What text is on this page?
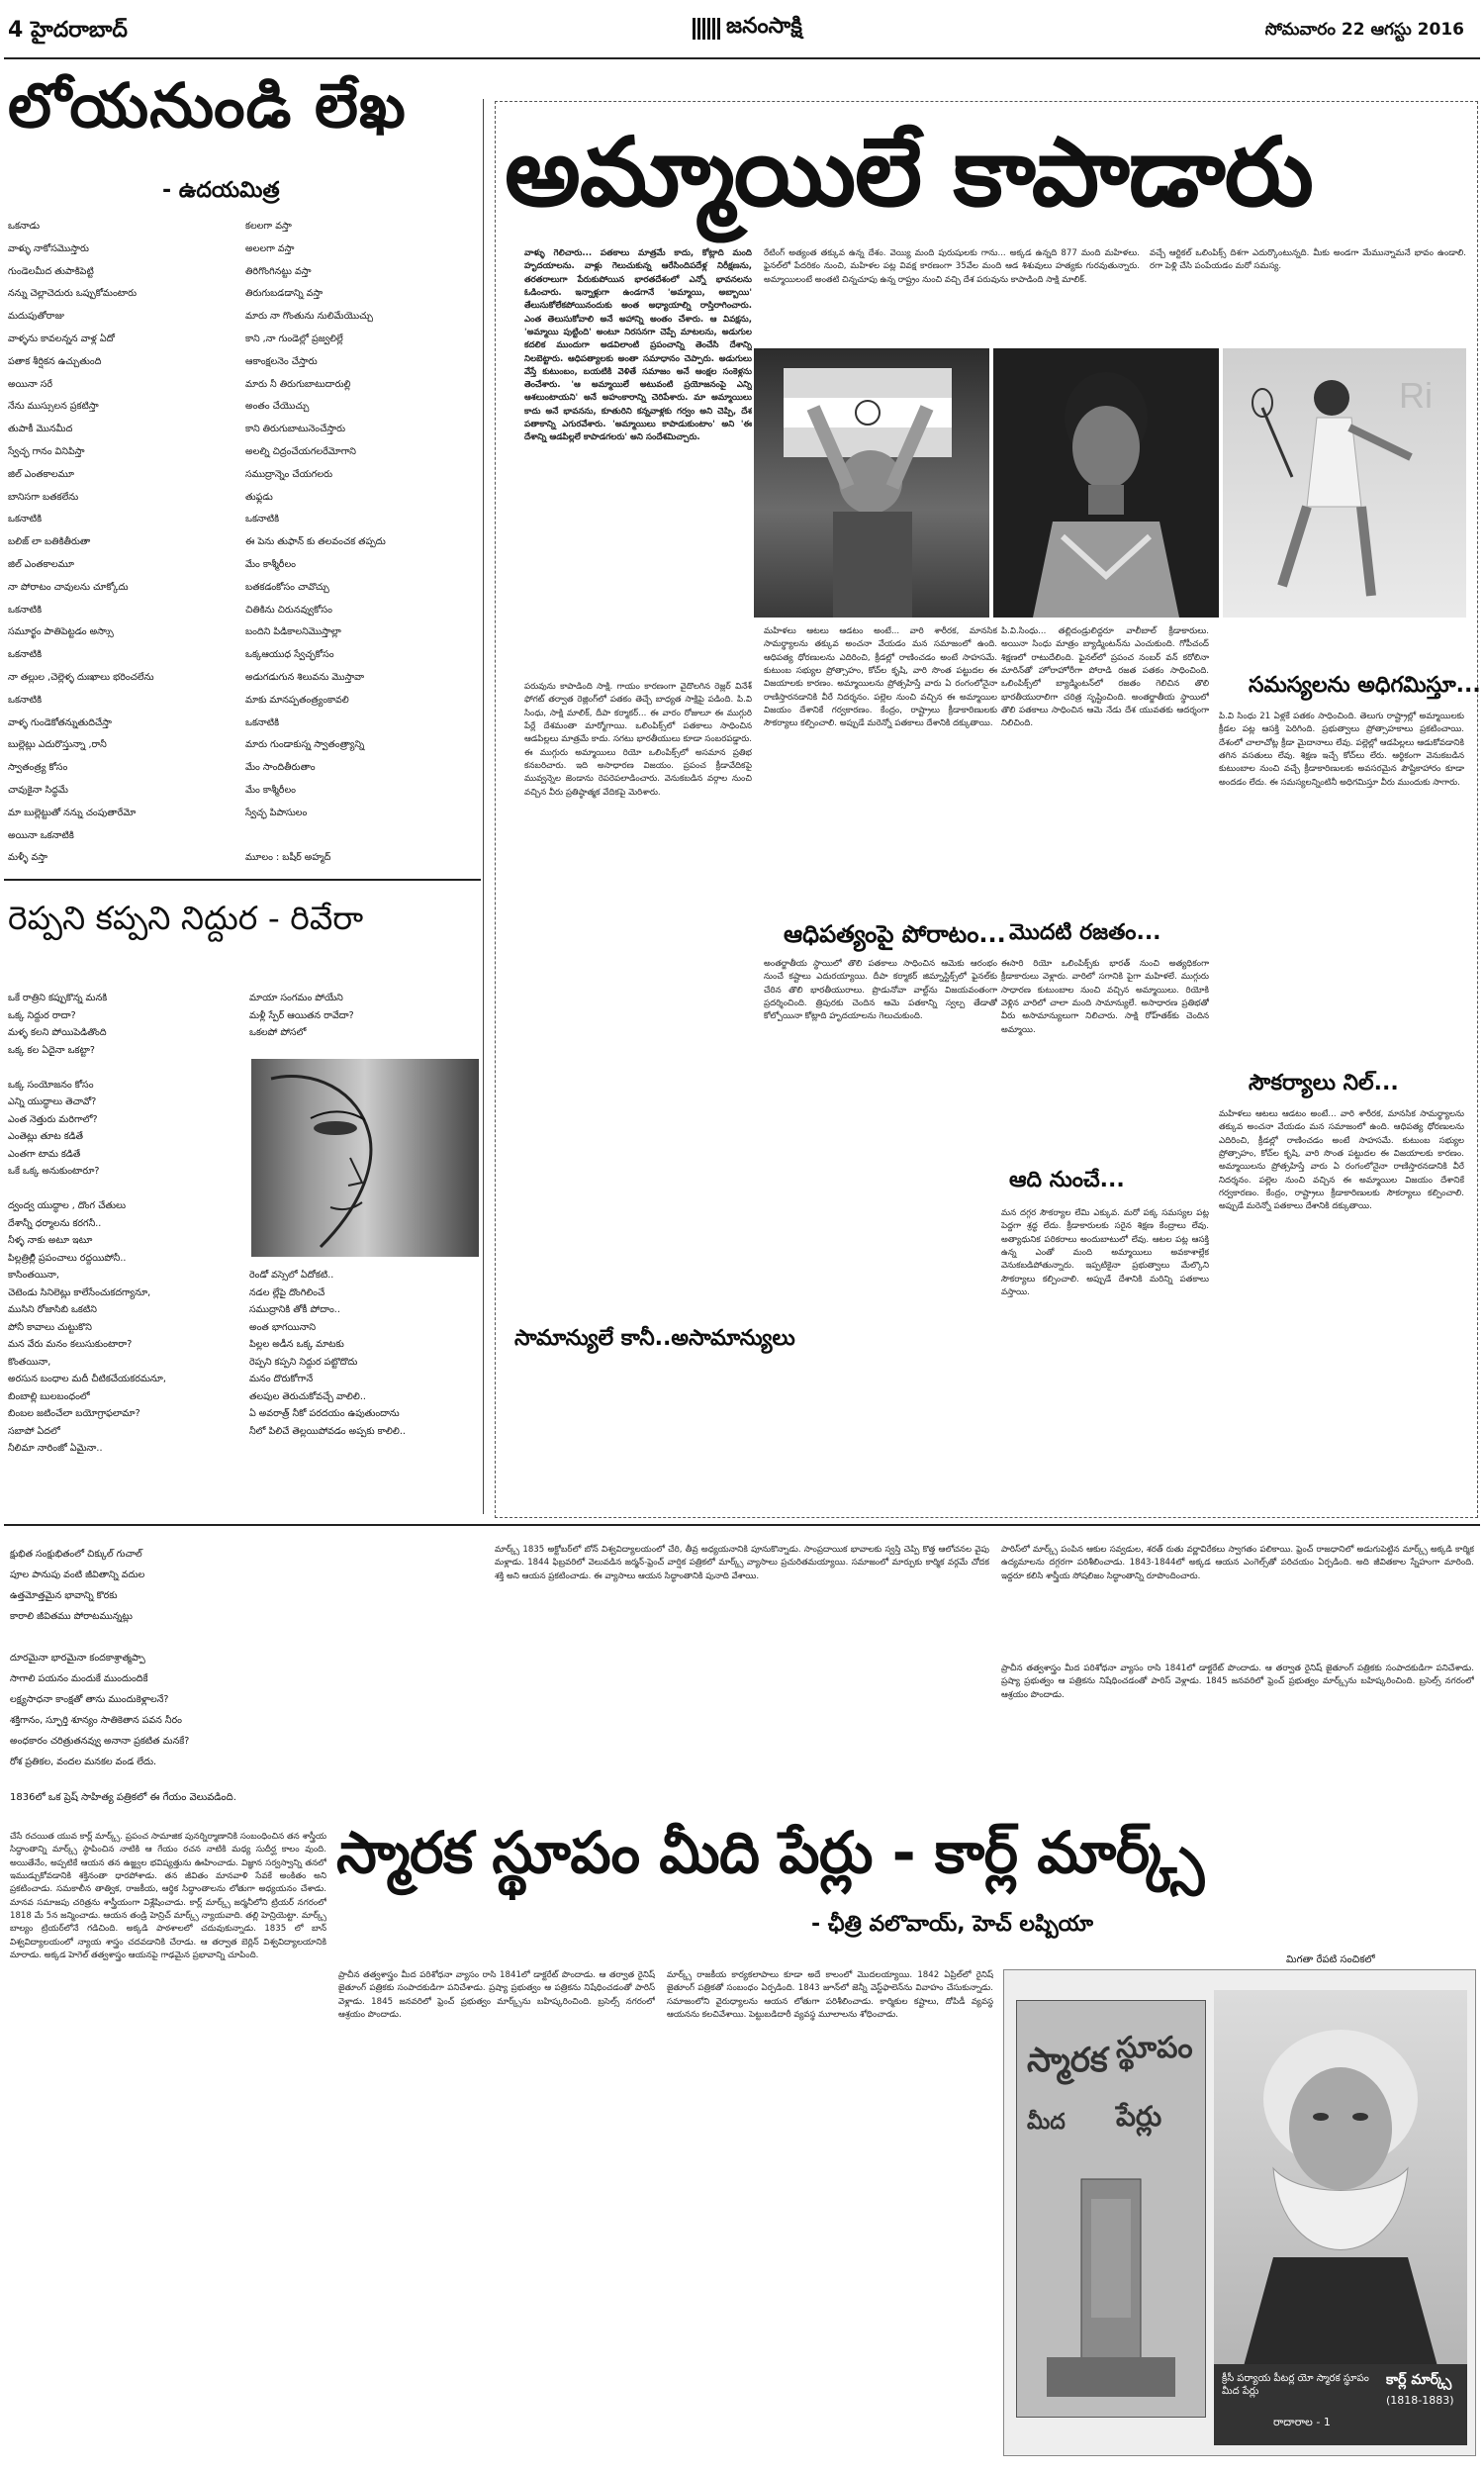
4 హైదరాబాద్	జనంసాక్షి	సోమవారం 22 ఆగస్టు 2016
లోయనుండి లేఖ
- ఉదయమిత్ర
ఒకనాడు
వాళ్ళు నాకోసమొస్తారు
గుండెలమీద తుపాకిపెట్టి
నన్ను చెల్లాచెదురు ఒప్పుకోమంటారు
మదుపుతోరాజు
వాళ్ళను కావలన్నన వాళ్ల ఏదో
పతాక శీర్షికన ఉచ్చుతుంది
అయినా సరే
నేను ముస్సులన ప్రకటిస్తా
తుపాకీ మొనమీద
స్వేచ్ఛ గానం వినిపిస్తా
జిల్ ఎంతకాలమూ
బానిసగా బతకలేను
ఒకనాటికి
బలిజ్ లా బతికితీరుతా
జిల్ ఎంతకాలమూ
నా పోరాటం చావులను చూక్కోదు
ఒకనాటికి
సమూర్ఖం పాతిపెట్టడం అస్సాు
ఒకనాటికి
నా తల్లుల ,చెల్లెళ్ళ దుఃఖాలు భరించలేను
ఒకనాటికి
వాళ్ళ గుండెకోతన్నుతుదిచేస్తా
బుల్లెట్లు ఎదురొస్తున్నా ,రానీ
స్వాతంత్ర్య కోసం
చావుకైనా సిద్ధమే
మా బుల్లెట్టుతో నన్ను చంపుతారేమో
అయినా ఒకనాటికి
మళ్ళీ వస్తా
కలలగా వస్తా
అలలగా వస్తా
తిరిగొంగినట్టు వస్తా
తిరుగుబడడాన్ని వస్తా
మారు నా గొంతును నులిమేయొచ్చు
కాని ,నా గుండెల్లో ప్రజ్వలిల్లే
ఆకాంక్షలనెం చేస్తారు
మారు నీ తిరుగుబాటుదారుల్లి
అంతం చేయొచ్చు
కాని తిరుగుబాటునెంచేస్తారు
అలల్ని చిద్రంచేయగలరేమోగాని
సముద్రాన్నెం చేయగలరు
తుఫ్లడు
ఒకనాటికి
ఈ పెను తుఫాన్ కు తలవంచక తప్పదు
మేం కాశ్మీరీలం
బతకడంకోసం చావొచ్చు
చితికిను చిరునవ్వుకోసం
బందిని పిడికాలనిమొస్తాల్లా
ఒక్కఆయుధ స్వేచ్ఛకోసం
అడుగడుగున శిలువను మొస్తావా
మాకు మానప్పతంత్ర్యంకావలి
ఒకనాటికి
మారు గుండాకుస్న స్వాతంత్ర్యాన్ని
మేం సాందితీరుతాం
మేం కాశ్మీరీలం
స్వేచ్ఛ పిపాసులం
మూలం : బషీర్ అహ్మద్
రెప్పని కప్పని నిద్దుర - రివేరా
ఒకే రాత్రిని కప్పుకొన్న మనకి
ఒక్క నిద్దుర రాదా?
మళ్ళ కలని పోయిపెడితొంది
ఒక్క కల ఏదైనా ఒకట్టా?
ఒక్క సంయోజనం కోసం
ఎన్ని యుద్ధాలు తెచావో?
ఎంత నెత్తురు మరిగాలో?
ఎంతెట్లు తూట కడితే
ఎంతగా టామ కడితే
ఒకే ఒక్క అనుకుంటారూ?
ద్వంద్వ యుద్ధాల , దొంగ చేతులు
దేశాన్నీ ధర్మాలను కరగనీ..
నీళ్ళ నాకు అటూ ఇటూ
పిల్లత్రిల్లిి ప్రపంచాలు రద్దయిపోనీ..
కాసింతయినా,
చెటెండు సినిలెట్లు కాలేసేంచుకదగ్యానూ,
ముసిని రోజాసిబి ఒకటిని
పోనీ కావాలు చుట్టుకొని
మన వేరు మనం కలుసుకుంటారా?
కొంతయినా,
అరసున బంధాల మదీ చీటికచేయకరమనూ,
బింబాల్లి బులబంధంలో
బింబల జటించేలా బయోగ్రాఫలామా?
సబాపో ఏదలో
నీలిమా నారింజో ఏమైనా..
మాయా సంగమం పోయేని
మళ్లీ స్పేర్ ఆయితన రావేదా?
ఒకలపో పోసలో
రెండో వస్సెలో ఏదోకటి..
నడల ల్లేపై దొంగిలించే
సముద్రానికి తోకీ పోదాం..
అంత భాగయినాని
పిల్లల అడీన ఒక్క మాటకు
రెప్పని కప్పని నిద్దుర పట్టొదొదు
మనం దొరుకోగానే
తలపుల తెరుచుకోవచ్చే వాలిలి..
ఏ అవరాత్ర్ నీకో పరదయం ఉపుతుందాను
నీలో పిలిచే తెల్లయిపోవడం అప్పకు కాలిలి..
అమ్మాయిలే కాపాడారు
వాళ్ళు గెలిచారు... పతకాలు మాత్రమే కాదు, కోట్లాది మంది హృదయాలను. వాళ్లు గెలుచుకున్న ఆరేసిందిపదేళ్ల నిరీక్షణను, తరతరాలుగా పేరుకుపోయిన భారతదేశంలో ఎన్నో భావనలను ఓడించారు. ఇన్నాళ్లుగా ఉండగానే 'అమ్మాయి, అబ్బాయి' తేలుసుకోలేకపోయినందుకు అంత అధ్యాయాల్ని రాస్తిరాగించారు. ఎంత తెలుసుకోవాలి అనే అహాన్ని అంతం చేశారు. ఆ వివక్షను, 'అమ్మాయి పుట్టింది' అంటూ నిరసనగా చెప్పే మాటలను, అడుగుల కదలిక ముందుగా అడవిలాంటి ప్రపంచాన్ని తెంచేసి దేశాన్ని నిలబెట్టారు. ఆధిపత్యాలకు అంతా సమాధానం చెప్పారు. అడుగులు వేస్తే కుటుంబం, బయటికి వెళితే సమాజం అనే ఆంక్షల సంకెళ్లను తెంచేశారు. 'ఆ అమ్మాయిలే అటువంటి ప్రయోజనంపై ఎన్ని ఆశలుంటాయని' అనే అహంకారాన్ని చెరిపేశారు. మా అమ్మాయిలు కాదు అనే భావనను, కూతురిని కన్నవాళ్లకు గర్వం అని చెప్పి, దేశ పతాకాన్ని ఎగురవేశారు. 'అమ్మాయిలు కాపాడుకుంటాం' అని 'ఈ దేశాన్ని ఆడపిల్లలే కాపాడగలరు' అని సందేశమిచ్చారు.
రేటింగ్ అత్యంత తక్కువ ఉన్న దేశం. వెయ్యి మంది పురుషులకు గాను... అక్కడ ఉన్నది 877 మంది మహిళలు. ఫైనల్‌లో పేదరికం నుంచి, మహిళల పట్ల వివక్ష కారణంగా 35వేల మంది ఆడ శిశువులు హత్యకు గురవుతున్నారు. అమ్మాయిలంటే అంతటి చిన్నచూపు ఉన్న రాష్ట్రం నుంచి వచ్చి దేశ పరువును కాపాడింది సాక్షి మాలిక్.
వచ్చే ఆర్టికల్ ఒలింపిక్స్ దిశగా ఎదుర్కొంటున్నది. మీకు అండగా మేమున్నామనే భావం ఉండాలి. రగా పెళ్లి చేసి పంపేయడం మరో సమస్య.
Ri
పరువును కాపాడింది సాక్షి. గాయం కారణంగా వైదొలగిన రెజ్లర్ వినేశ్ ఫోగట్ తర్వాత రెజ్లింగ్‌లో పతకం తెచ్చే బాధ్యత సాక్షిపై పడింది. పి.వి సింధు, సాక్షి మాలిక్, దీపా కర్మాకర్... ఈ వారం రోజులూ ఈ ముగ్గురి పేర్లే దేశమంతా మార్మోగాయి. ఒలింపిక్స్‌లో పతకాలు సాధించిన ఆడపిల్లలు మాత్రమే కాదు. సగటు భారతీయులు కూడా సంబరపడ్డారు. ఈ ముగ్గురు అమ్మాయిలు రియో ఒలింపిక్స్‌లో అసమాన ప్రతిభ కనబరిచారు. ఇది అసాధారణ విజయం. ప్రపంచ క్రీడావేదికపై మువ్వన్నెల జెండాను రెపరెపలాడించారు. వెనుకబడిన వర్గాల నుంచి వచ్చిన వీరు ప్రతిష్ఠాత్మక వేదికపై మెరిశారు.
మహిళలు ఆటలు ఆడటం అంటే... వారి శారీరక, మానసిక సామర్థ్యాలను తక్కువ అంచనా వేయడం మన సమాజంలో ఉంది. ఆధిపత్య ధోరణులను ఎదిరించి, క్రీడల్లో రాణించడం అంటే సాహసమే. కుటుంబ సభ్యుల ప్రోత్సాహం, కోచ్‌ల కృషి, వారి సొంత పట్టుదల ఈ విజయాలకు కారణం. అమ్మాయిలను ప్రోత్సహిస్తే వారు ఏ రంగంలోనైనా రాణిస్తారనడానికి వీరే నిదర్శనం. పల్లెల నుంచి వచ్చిన ఈ అమ్మాయిల విజయం దేశానికే గర్వకారణం. కేంద్రం, రాష్ట్రాలు క్రీడాకారిణులకు సౌకర్యాలు కల్పించాలి. అప్పుడే మరెన్నో పతకాలు దేశానికి దక్కుతాయి.
ఆధిపత్యంపై పోరాటం...
అంతర్జాతీయ స్థాయిలో తొలి పతకాలు సాధించిన ఆమెకు ఆరంభం నుంచే కష్టాలు ఎదురయ్యాయి. దీపా కర్మాకర్ జిమ్నాస్టిక్స్‌లో ఫైనల్‌కు చేరిన తొలి భారతీయురాలు. ప్రొడునోవా వాల్ట్‌ను విజయవంతంగా ప్రదర్శించింది. త్రిపురకు చెందిన ఆమె పతకాన్ని స్వల్ప తేడాతో కోల్పోయినా కోట్లాది హృదయాలను గెలుచుకుంది.
సామాన్యులే కానీ..అసామాన్యులు
పి.వి.సింధు... తల్లిదండ్రులిద్దరూ వాలీబాల్ క్రీడాకారులు. అయినా సింధు మాత్రం బ్యాడ్మింటన్‌ను ఎంచుకుంది. గోపీచంద్ శిక్షణలో రాటుదేలింది. ఫైనల్‌లో ప్రపంచ నంబర్ వన్ కరోలినా మారిన్‌తో హోరాహోరీగా పోరాడి రజత పతకం సాధించింది. ఒలింపిక్స్‌లో బ్యాడ్మింటన్‌లో రజతం గెలిచిన తొలి భారతీయురాలిగా చరిత్ర సృష్టించింది. అంతర్జాతీయ స్థాయిలో తొలి పతకాలు సాధించిన ఆమె నేడు దేశ యువతకు ఆదర్శంగా నిలిచింది.
మొదటి రజతం...
ఈసారి రియో ఒలింపిక్స్‌కు భారత్ నుంచి అత్యధికంగా క్రీడాకారులు వెళ్లారు. వారిలో సగానికి పైగా మహిళలే. ముగ్గురు సాధారణ కుటుంబాల నుంచి వచ్చిన అమ్మాయిలు. రియోకి వెళ్లిన వారిలో చాలా మంది సామాన్యులే. అసాధారణ ప్రతిభతో వీరు అసామాన్యులుగా నిలిచారు. సాక్షి రోహ్‌తక్‌కు చెందిన అమ్మాయి.
ఆది నుంచే...
మన దగ్గర సౌకర్యాల లేమి ఎక్కువ. మరో పక్క సమస్యల పట్ల పెద్దగా శ్రద్ధ లేదు. క్రీడాకారులకు సరైన శిక్షణ కేంద్రాలు లేవు. అత్యాధునిక పరికరాలు అందుబాటులో లేవు. ఆటల పట్ల ఆసక్తి ఉన్న ఎంతో మంది అమ్మాయిలు అవకాశాల్లేక వెనుకబడిపోతున్నారు. ఇప్పటికైనా ప్రభుత్వాలు మేల్కొని సౌకర్యాలు కల్పించాలి. అప్పుడే దేశానికి మరిన్ని పతకాలు వస్తాయి.
సమస్యలను అధిగమిస్తూ...
పి.వి సింధు 21 ఏళ్లకే పతకం సాధించింది. తెలుగు రాష్ట్రాల్లో అమ్మాయిలకు క్రీడల పట్ల ఆసక్తి పెరిగింది. ప్రభుత్వాలు ప్రోత్సాహకాలు ప్రకటించాయి. దేశంలో చాలాచోట్ల క్రీడా మైదానాలు లేవు. పల్లెల్లో ఆడపిల్లలు ఆడుకోవడానికి తగిన వసతులు లేవు. శిక్షణ ఇచ్చే కోచ్‌లు లేరు. ఆర్థికంగా వెనుకబడిన కుటుంబాల నుంచి వచ్చే క్రీడాకారిణులకు అవసరమైన పౌష్టికాహారం కూడా అందడం లేదు. ఈ సమస్యలన్నింటినీ అధిగమిస్తూ వీరు ముందుకు సాగారు.
సౌకర్యాలు నిల్...
మహిళలు ఆటలు ఆడటం అంటే... వారి శారీరక, మానసిక సామర్థ్యాలను తక్కువ అంచనా వేయడం మన సమాజంలో ఉంది. ఆధిపత్య ధోరణులను ఎదిరించి, క్రీడల్లో రాణించడం అంటే సాహసమే. కుటుంబ సభ్యుల ప్రోత్సాహం, కోచ్‌ల కృషి, వారి సొంత పట్టుదల ఈ విజయాలకు కారణం. అమ్మాయిలను ప్రోత్సహిస్తే వారు ఏ రంగంలోనైనా రాణిస్తారనడానికి వీరే నిదర్శనం. పల్లెల నుంచి వచ్చిన ఈ అమ్మాయిల విజయం దేశానికే గర్వకారణం. కేంద్రం, రాష్ట్రాలు క్రీడాకారిణులకు సౌకర్యాలు కల్పించాలి. అప్పుడే మరెన్నో పతకాలు దేశానికి దక్కుతాయి.
క్షుభిత సంక్షుభితంలో చిక్కుల్ గుచాల్
పూల పానుపు వంటి జీవితాన్ని వదుల
ఉత్తమోత్తమైన భావాన్ని కొరకు
కారాలి జీవితము పోరాటమున్నట్లు
దూరమైనా భారమైనా కందకాశ్రాత్మప్పా
సాగాలి పయనం మందుకే ముందుందికే
లక్ష్యసాధనా కాంక్షతో తాను ముందుకెళ్లాలనే?
శక్తిగానం, స్ఫూర్తి శూన్యం సాతికెతాన పవన నీరం
అంధకారం చరిత్రుతనవ్వు అనానా ప్రకటిత మనకే?
రోశ ప్రతికల, వందల మనకల వండ లేదు.
1836లో ఒక ప్రెష్ సాహిత్య పత్రికలో ఈ గేయం వెలువడింది.
స్మారక స్థూపం మీది పేర్లు - కార్ల్ మార్క్స్
- ఛీత్రి వలొవాయ్, హెచ్ లష్పియా
మిగతా రేపటి సంచికలో
చేసే రచయిత యువ కార్ల్ మార్క్స్. ప్రపంచ సామాజిక పునర్నిర్మాణానికి సంబంధించిన తన శాస్త్రీయ సిద్ధాంతాన్ని మార్క్స్ స్థాపించిన నాటికి ఆ గేయం రచన నాటికి మధ్య సుదీర్ఘ కాలం వుంది. అయితేనేం, అప్పటికే ఆయన తన ఉజ్జ్వల భవిష్యత్తును ఊహించాడు. విజ్ఞాన సర్వస్వాన్ని తనలో ఇముడ్చుకోవడానికి శక్తినంతా ధారపోశాడు. తన జీవితం మానవాళి సేవకే అంకితం అని ప్రకటించాడు. సమకాలీన తాత్విక, రాజకీయ, ఆర్థిక సిద్ధాంతాలను లోతుగా అధ్యయనం చేశాడు. మానవ సమాజపు చరిత్రను శాస్త్రీయంగా విశ్లేషించాడు. కార్ల్ మార్క్స్ జర్మనీలోని ట్రియర్ నగరంలో 1818 మే 5న జన్మించాడు. ఆయన తండ్రి హెన్రిచ్ మార్క్స్ న్యాయవాది. తల్లి హెన్రియెట్టా. మార్క్స్ బాల్యం ట్రియర్‌లోనే గడిచింది. అక్కడి పాఠశాలలో చదువుకున్నాడు. 1835 లో బాన్ విశ్వవిద్యాలయంలో న్యాయ శాస్త్రం చదవడానికి చేరాడు. ఆ తర్వాత బెర్లిన్ విశ్వవిద్యాలయానికి మారాడు. అక్కడ హెగెల్ తత్వశాస్త్రం ఆయనపై గాఢమైన ప్రభావాన్ని చూపింది.
పారిస్‌లో మార్క్స్ పంపిన ఆకుల సవ్వడుల, శరత్ రుతు వర్ణావిరేకలు స్వాగతం పలికాయి. ఫ్రెంచ్ రాజధానిలో అడుగుపెట్టిన మార్క్స్ అక్కడి కార్మిక ఉద్యమాలను దగ్గరగా పరిశీలించాడు. 1843-1844లో అక్కడ ఆయన ఎంగెల్స్‌తో పరిచయం ఏర్పడింది. అది జీవితకాల స్నేహంగా మారింది. ఇద్దరూ కలిసి శాస్త్రీయ సోషలిజం సిద్ధాంతాన్ని రూపొందించారు.
మార్క్స్ 1835 అక్టోబర్‌లో బోన్ విశ్వవిద్యాలయంలో చేరి, తీవ్ర అధ్యయనానికి పూనుకొన్నాడు. సాంప్రదాయిక భావాలకు స్వస్తి చెప్పి కొత్త ఆలోచనల వైపు మళ్లాడు. 1844 ఫిబ్రవరిలో వెలువడిన జర్మన్-ఫ్రెంచ్ వార్షిక పత్రికలో మార్క్స్ వ్యాసాలు ప్రచురితమయ్యాయి. సమాజంలో మార్పుకు కార్మిక వర్గమే చోదక శక్తి అని ఆయన ప్రకటించాడు. ఈ వ్యాసాలు ఆయన సిద్ధాంతానికి పునాది వేశాయి.
ప్రాచీన తత్వశాస్త్రం మీద పరిశోధనా వ్యాసం రాసి 1841లో డాక్టరేట్ పొందాడు. ఆ తర్వాత రైనిష్ జైతూంగ్ పత్రికకు సంపాదకుడిగా పనిచేశాడు. ప్రష్యా ప్రభుత్వం ఆ పత్రికను నిషేధించడంతో పారిస్ వెళ్లాడు. 1845 జనవరిలో ఫ్రెంచ్ ప్రభుత్వం మార్క్స్‌ను బహిష్కరించింది. బ్రసెల్స్ నగరంలో ఆశ్రయం పొందాడు.
ప్రాచీన తత్వశాస్త్రం మీద పరిశోధనా వ్యాసం రాసి 1841లో డాక్టరేట్ పొందాడు. ఆ తర్వాత రైనిష్ జైతూంగ్ పత్రికకు సంపాదకుడిగా పనిచేశాడు. ప్రష్యా ప్రభుత్వం ఆ పత్రికను నిషేధించడంతో పారిస్ వెళ్లాడు. 1845 జనవరిలో ఫ్రెంచ్ ప్రభుత్వం మార్క్స్‌ను బహిష్కరించింది. బ్రసెల్స్ నగరంలో ఆశ్రయం పొందాడు.
మార్క్స్ రాజకీయ కార్యకలాపాలు కూడా అదే కాలంలో మొదలయ్యాయి. 1842 ఏప్రిల్‌లో రైనిష్ జైతూంగ్ పత్రికతో సంబంధం ఏర్పడింది. 1843 జూన్‌లో జెన్నీ వెస్ట్‌ఫాలెన్‌ను వివాహం చేసుకున్నాడు. సమాజంలోని వైరుధ్యాలను ఆయన లోతుగా పరిశీలించాడు. కార్మికుల కష్టాలు, దోపిడీ వ్యవస్థ ఆయనను కలచివేశాయి. పెట్టుబడిదారీ వ్యవస్థ మూలాలను శోధించాడు.
స్మారక స్థూపం
మీద పేర్లు
క్రీసీ పర్యాయ పీటర్ల యో స్మారక స్థూపం మీద పేర్లు
కార్ల్ మార్క్స్
(1818-1883)
రాదారాల - 1
